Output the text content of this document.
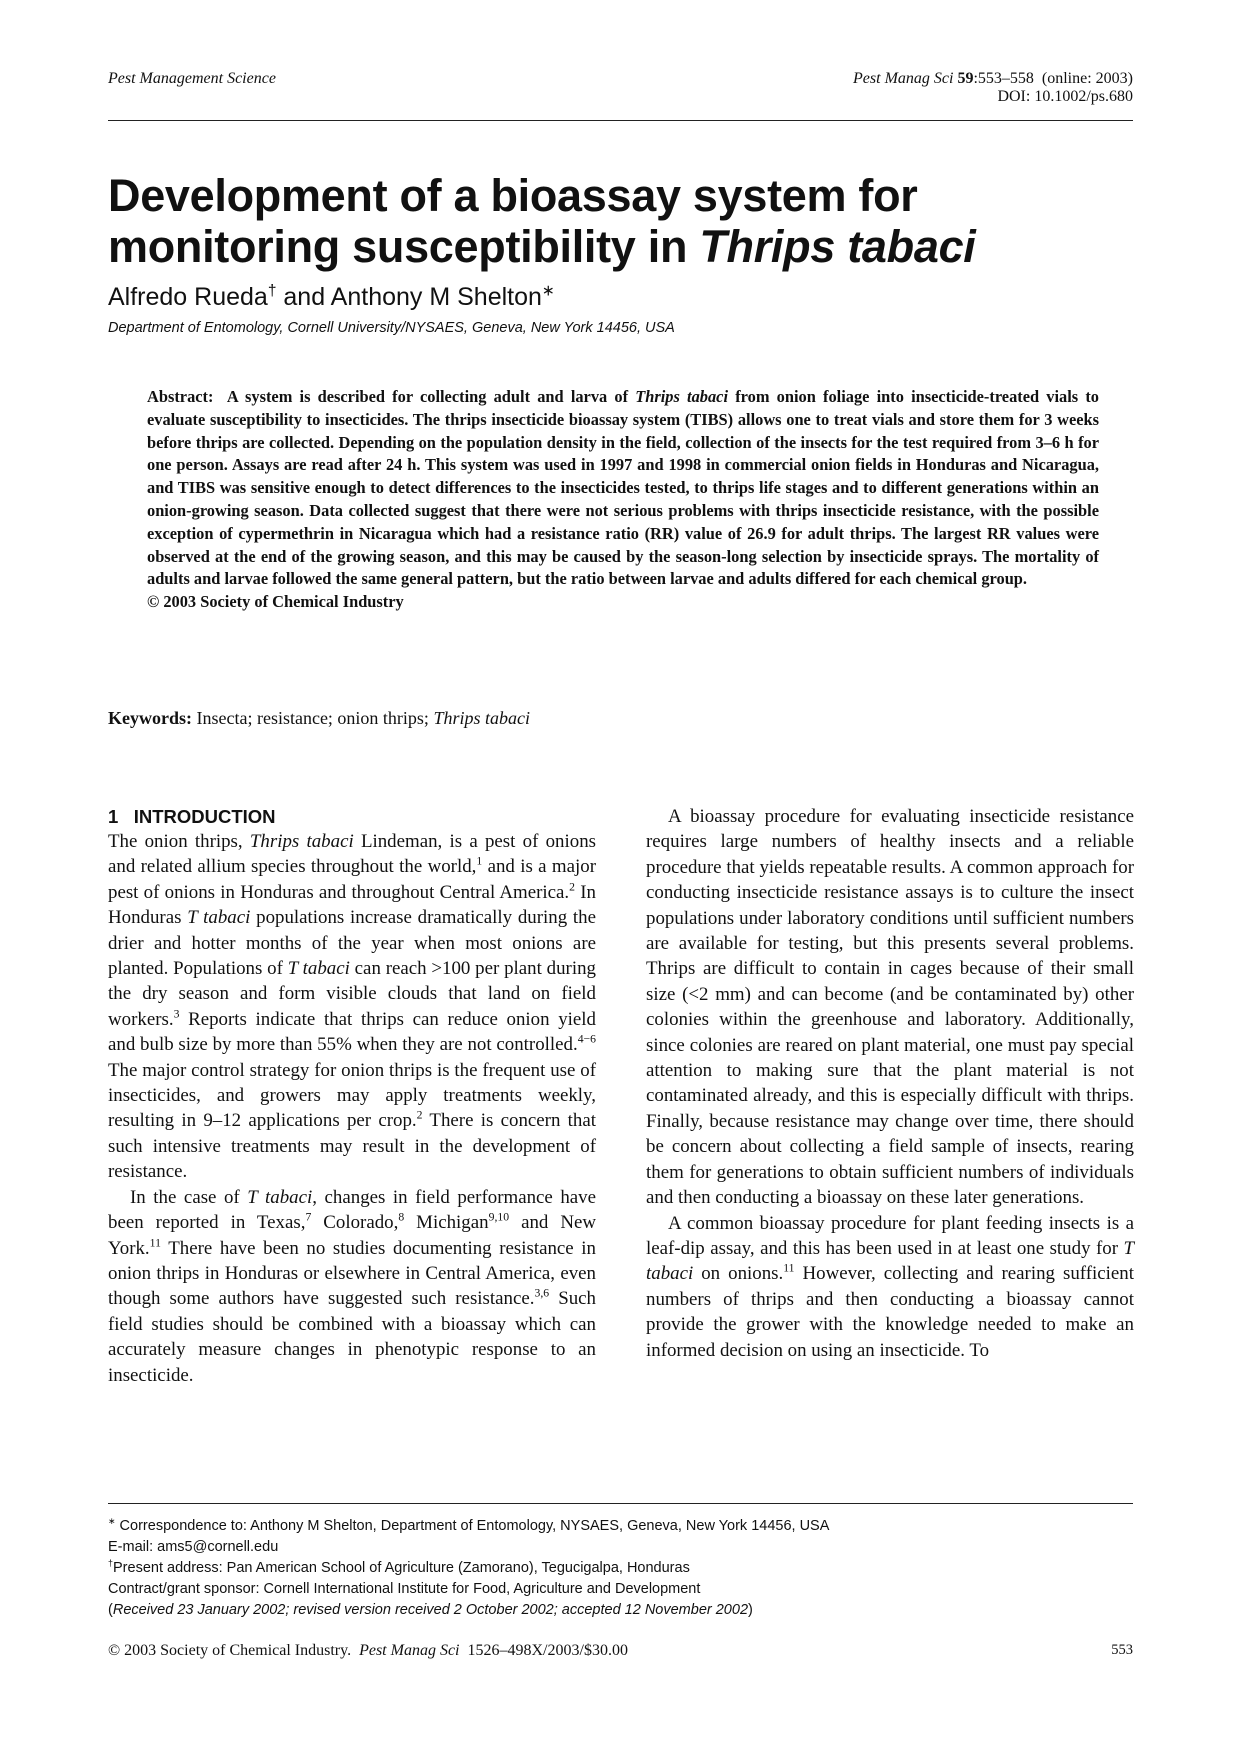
Pest Management Science	Pest Manag Sci 59:553–558 (online: 2003)
DOI: 10.1002/ps.680
Development of a bioassay system for monitoring susceptibility in Thrips tabaci
Alfredo Rueda† and Anthony M Shelton∗
Department of Entomology, Cornell University/NYSAES, Geneva, New York 14456, USA

Abstract: A system is described for collecting adult and larva of Thrips tabaci from onion foliage into insecticide-treated vials to evaluate susceptibility to insecticides. The thrips insecticide bioassay system (TIBS) allows one to treat vials and store them for 3 weeks before thrips are collected. Depending on the population density in the field, collection of the insects for the test required from 3–6 h for one person. Assays are read after 24 h. This system was used in 1997 and 1998 in commercial onion fields in Honduras and Nicaragua, and TIBS was sensitive enough to detect differences to the insecticides tested, to thrips life stages and to different generations within an onion-growing season. Data collected suggest that there were not serious problems with thrips insecticide resistance, with the possible exception of cypermethrin in Nicaragua which had a resistance ratio (RR) value of 26.9 for adult thrips. The largest RR values were observed at the end of the growing season, and this may be caused by the season-long selection by insecticide sprays. The mortality of adults and larvae followed the same general pattern, but the ratio between larvae and adults differed for each chemical group.

© 2003 Society of Chemical Industry

Keywords: Insecta; resistance; onion thrips; Thrips tabaci
1 INTRODUCTION

The onion thrips, Thrips tabaci Lindeman, is a pest of onions and related allium species throughout the world,$^1$ and is a major pest of onions in Honduras and throughout Central America.$^2$ In Honduras T tabaci populations increase dramatically during the drier and hotter months of the year when most onions are planted. Populations of T tabaci can reach >100 per plant during the dry season and form visible clouds that land on field workers.$^3$ Reports indicate that thrips can reduce onion yield and bulb size by more than 55% when they are not controlled.$^{4-6}$ The major control strategy for onion thrips is the frequent use of insecticides, and growers may apply treatments weekly, resulting in 9–12 applications per crop.$^2$ There is concern that such intensive treatments may result in the development of resistance.

In the case of T tabaci, changes in field performance have been reported in Texas,$^7$ Colorado,$^8$ Michigan$^{9,10}$ and New York.$^{11}$ There have been no studies documenting resistance in onion thrips in Honduras or elsewhere in Central America, even though some authors have suggested such resistance.$^{3,6}$ Such field studies should be combined with a bioassay which can accurately measure changes in phenotypic response to an insecticide.

A bioassay procedure for evaluating insecticide resistance requires large numbers of healthy insects and a reliable procedure that yields repeatable results. A common approach for conducting insecticide resistance assays is to culture the insect populations under laboratory conditions until sufficient numbers are available for testing, but this presents several problems. Thrips are difficult to contain in cages because of their small size (<2 mm) and can become (and be contaminated by) other colonies within the greenhouse and laboratory. Additionally, since colonies are reared on plant material, one must pay special attention to making sure that the plant material is not contaminated already, and this is especially difficult with thrips. Finally, because resistance may change over time, there should be concern about collecting a field sample of insects, rearing them for generations to obtain sufficient numbers of individuals and then conducting a bioassay on these later generations.

A common bioassay procedure for plant feeding insects is a leaf-dip assay, and this has been used in at least one study for T tabaci on onions.$^{11}$ However, collecting and rearing sufficient numbers of thrips and then conducting a bioassay cannot provide the grower with the knowledge needed to make an informed decision on using an insecticide. To

∗ Correspondence to: Anthony M Shelton, Department of Entomology, NYSAES, Geneva, New York 14456, USA
E-mail: ams5@cornell.edu
†Present address: Pan American School of Agriculture (Zamorano), Tegucigalpa, Honduras
Contract/grant sponsor: Cornell International Institute for Food, Agriculture and Development
(Received 23 January 2002; revised version received 2 October 2002; accepted 12 November 2002)
© 2003 Society of Chemical Industry. Pest Manag Sci 1526–498X/2003/$30.00	553
